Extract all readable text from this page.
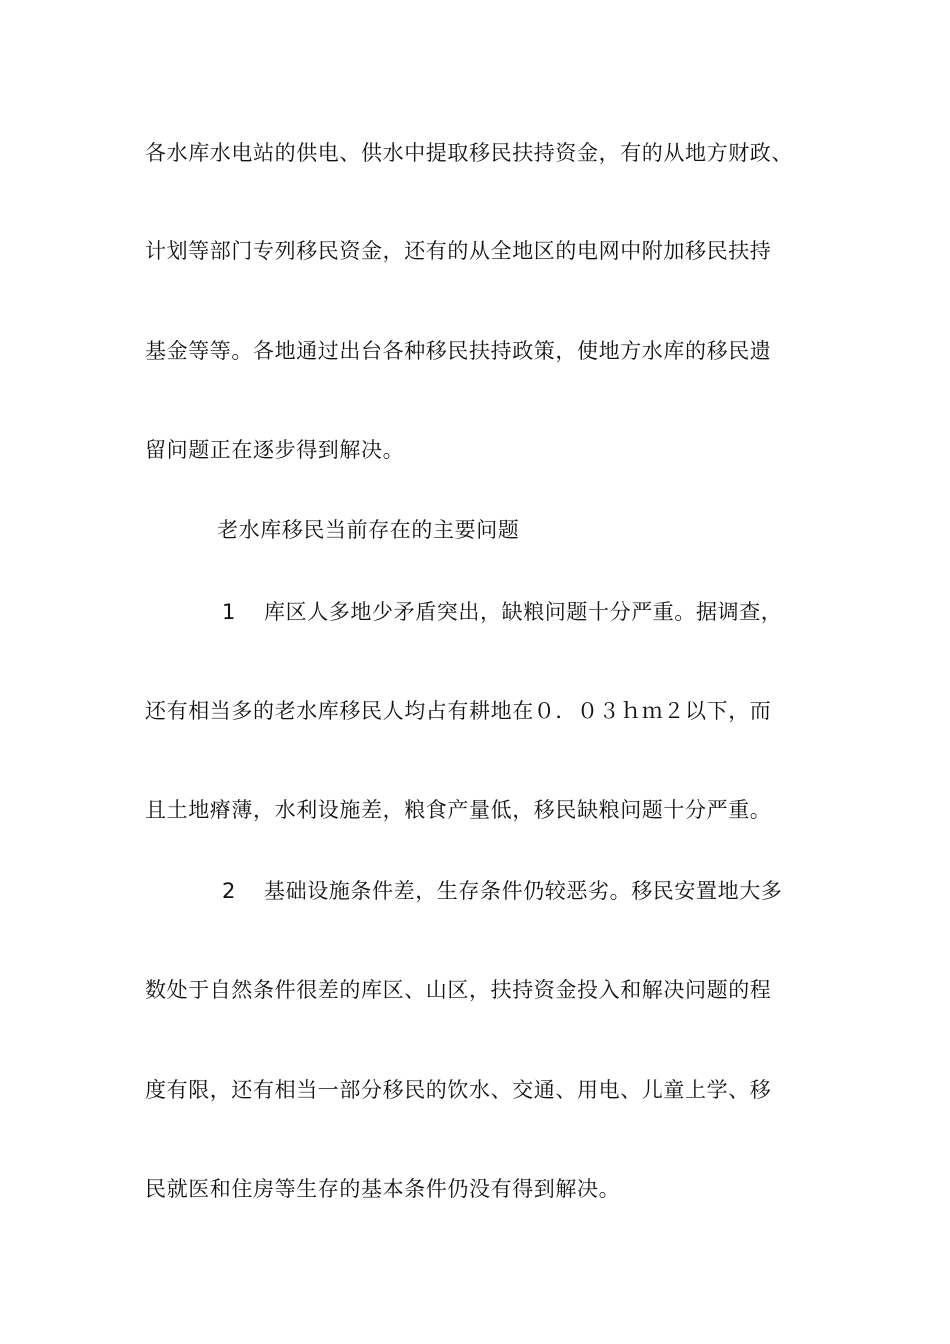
各水库水电站的供电、供水中提取移民扶持资金，有的从地方财政、
计划等部门专列移民资金，还有的从全地区的电网中附加移民扶持
基金等等。各地通过出台各种移民扶持政策，使地方水库的移民遗
留问题正在逐步得到解决。
老水库移民当前存在的主要问题
1 库区人多地少矛盾突出，缺粮问题十分严重。据调查，
还有相当多的老水库移民人均占有耕地在０．０３ｈｍ２以下，而
且土地瘠薄，水利设施差，粮食产量低，移民缺粮问题十分严重。
2 基础设施条件差，生存条件仍较恶劣。移民安置地大多
数处于自然条件很差的库区、山区，扶持资金投入和解决问题的程
度有限，还有相当一部分移民的饮水、交通、用电、儿童上学、移
民就医和住房等生存的基本条件仍没有得到解决。
